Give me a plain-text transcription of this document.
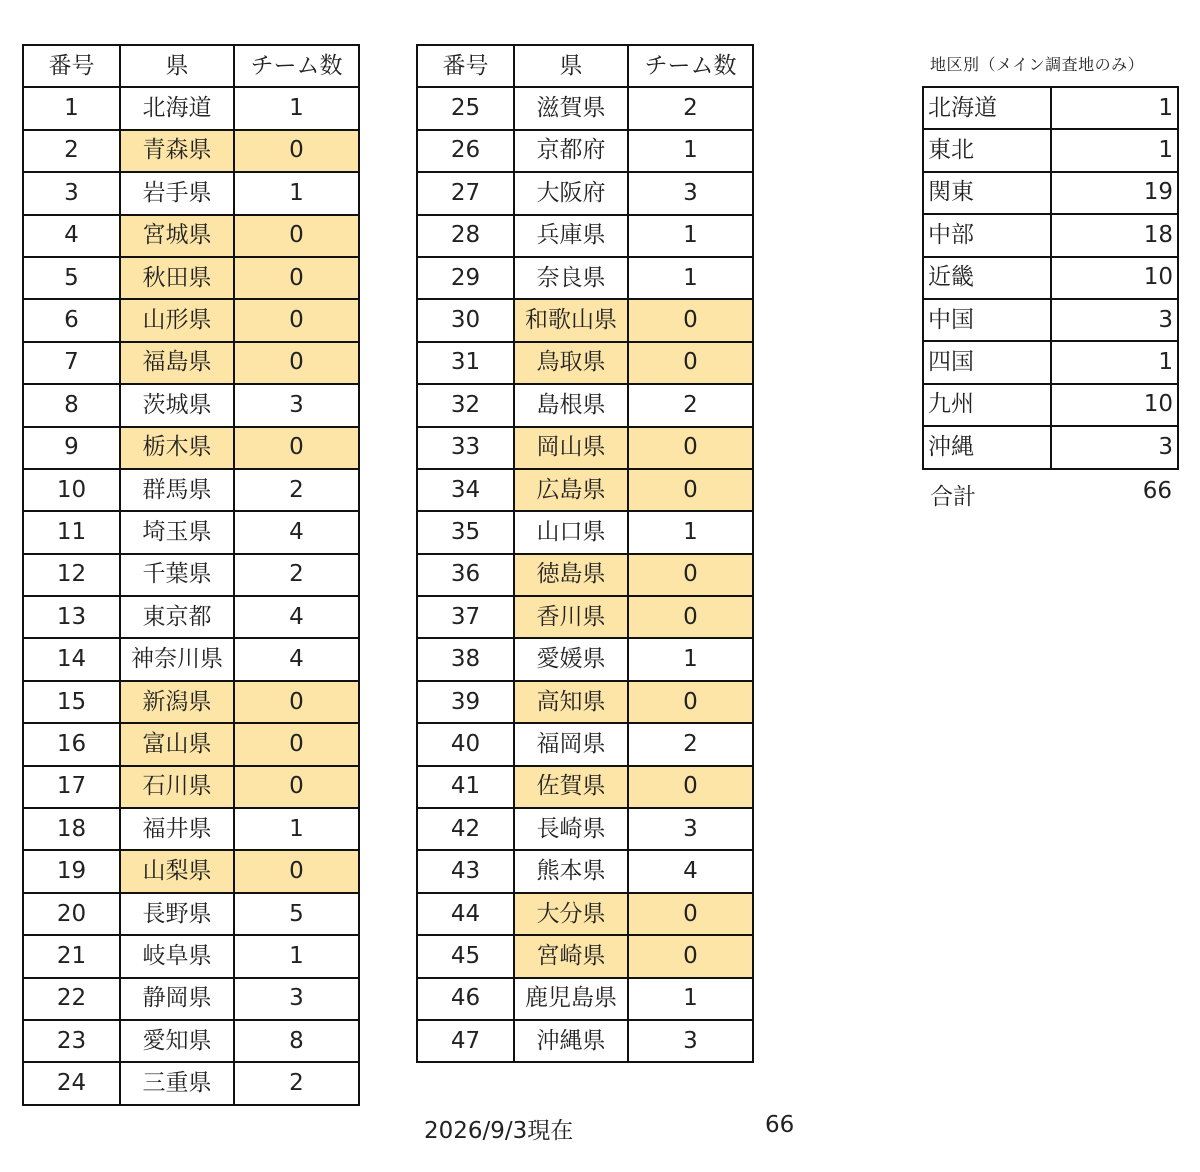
番号	県	チーム数
1	北海道	1
2	青森県	0
3	岩手県	1
4	宮城県	0
5	秋田県	0
6	山形県	0
7	福島県	0
8	茨城県	3
9	栃木県	0
10	群馬県	2
11	埼玉県	4
12	千葉県	2
13	東京都	4
14	神奈川県	4
15	新潟県	0
16	富山県	0
17	石川県	0
18	福井県	1
19	山梨県	0
20	長野県	5
21	岐阜県	1
22	静岡県	3
23	愛知県	8
24	三重県	2
番号	県	チーム数
25	滋賀県	2
26	京都府	1
27	大阪府	3
28	兵庫県	1
29	奈良県	1
30	和歌山県	0
31	鳥取県	0
32	島根県	2
33	岡山県	0
34	広島県	0
35	山口県	1
36	徳島県	0
37	香川県	0
38	愛媛県	1
39	高知県	0
40	福岡県	2
41	佐賀県	0
42	長崎県	3
43	熊本県	4
44	大分県	0
45	宮崎県	0
46	鹿児島県	1
47	沖縄県	3
地区別（メイン調査地のみ）
北海道	1
東北	1
関東	19
中部	18
近畿	10
中国	3
四国	1
九州	10
沖縄	3
合計	66
2026/9/3現在	66
